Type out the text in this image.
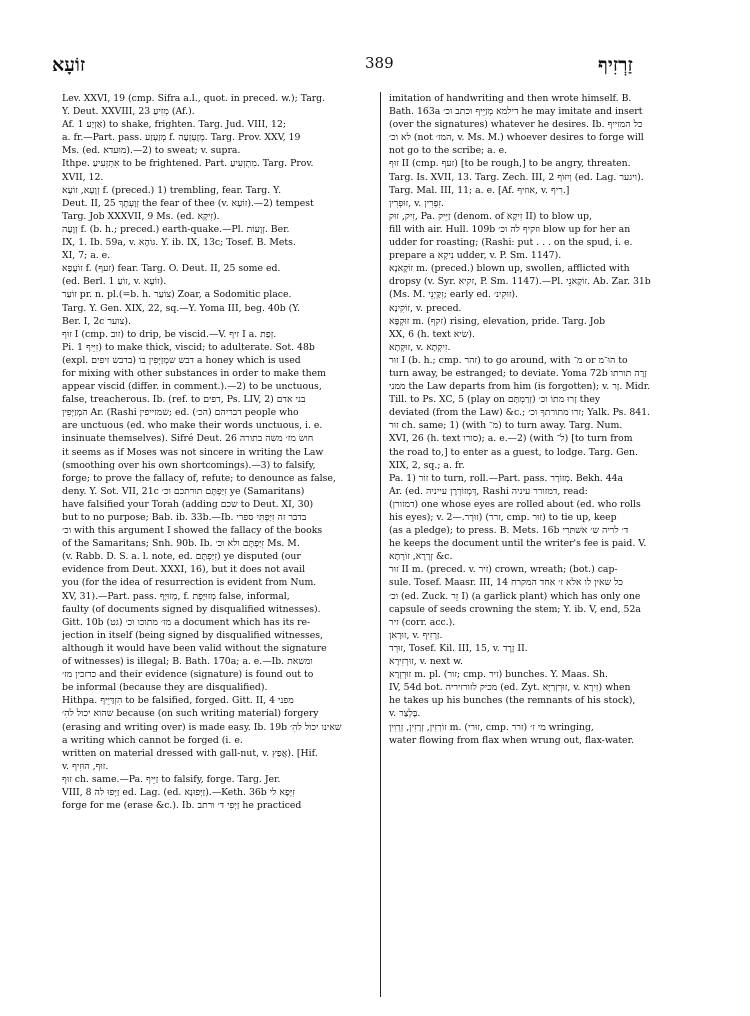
זוֹעָא	389	זַרְזִיף
Lev. XXVI, 19 (cmp. Sifra a.l., quot. in preced. w.); Targ.
Y. Deut. XXVIII, 23 מְזִיעַ (Af.).
Af. אַזְיַע 1) to shake, frighten. Targ. Jud. VIII, 12;
a. fr.—Part. pass. מְזַעְזַע f. מְזֻעְזְעָה. Targ. Prov. XXV, 19
Ms. (ed. מוּעדא).—2) to sweat; v. supra.
Ithpe. אִתְזְעִיעַ to be frightened. Part. מִתְזְעִיעַ. Targ. Prov.
XVII, 12.
זְוָעָא, זוֹעָא f. (preced.) 1) trembling, fear. Targ. Y.
Deut. II, 25 זְוָעְתָךְ the fear of thee (v. זוֹעָא).—2) tempest
Targ. Job XXXVII, 9 Ms. (ed. זִיקָא).
זְוָעָה f. (b. h.; preced.) earth-quake.—Pl. זְוָעוֹת. Ber.
IX, 1. Ib. 59a, v. גּוֹהָא. Y. ib. IX, 13c; Tosef. B. Mets.
XI, 7; a. e.
זוֹעֲפָא f. (זעף) fear. Targ. O. Deut. II, 25 some ed.
(ed. Berl. 1 זוֹעַ, v. זוֹעָא).
זוֹעַר pr. n. pl.(=b. h. צוֹעַר) Zoar, a Sodomitic place.
Targ. Y. Gen. XIX, 22, sq.—Y. Yoma III, beg. 40b (Y.
Ber. I, 2c צוער).
זוּף I (cmp. זוב) to drip, be viscid.—V. זיף I a. זְפַת.
Pi. זִיֵּיף 1) to make thick, viscid; to adulterate. Sot. 48b
(expl. דבש שמְזַיְּפִין בו (בדבש זיפים a honey which is used
for mixing with other substances in order to make them
appear viscid (differ. in comment.).—2) to be unctuous,
false, treacherous. Ib. (ref. to דפים, Ps. LIV, 2) בני אדם
המְזַיְּפִין Ar. (Rashi שמזייפין; ed. דבריהם (הכ׳) people who
are unctuous (ed. who make their words unctuous, i. e.
insinuate themselves). Sifré Deut. 26 חושׂ מז׳ משה בתורה
it seems as if Moses was not sincere in writing the Law
(smoothing over his own shortcomings).—3) to falsify,
forge; to prove the fallacy of, refute; to denounce as false,
deny. Y. Sot. VII, 21c זִיַּפְתֶּם תורתכם וכ׳ ye (Samaritans)
have falsified your Torah (adding שכם to Deut. XI, 30)
but to no purpose; Bab. ib. 33b.—Ib. בדבר זה זִיַּפְתִּי ספרי
וכ׳ with this argument I showed the fallacy of the books
of the Samaritans; Snh. 90b. Ib. זִיַּפְתֶּם ולא וכ׳ Ms. M.
(v. Rabb. D. S. a. l. note, ed. זִיַּפְתֶּם) ye disputed (our
evidence from Deut. XXXI, 16), but it does not avail
you (for the idea of resurrection is evident from Num.
XV, 31).—Part. pass. מְזוּיָּף, f. מְזוּיֶּפֶת false, informal,
faulty (of documents signed by disqualified witnesses).
Gitt. 10b (גט) מז׳ מתוכו וכ׳ a document which has its re-
jection in itself (being signed by disqualified witnesses,
although it would have been valid without the signature
of witnesses) is illegal; B. Bath. 170a; a. e.—Ib. ומשאת
כדזכין מז׳ and their evidence (signature) is found out to
be informal (because they are disqualified).
Hithpa. הִזְדַּיֵּיף to be falsified, forged. Gitt. II, 4 מפני
שהוא יכול להִ׳ because (on such writing material) forgery
(erasing and writing over) is made easy. Ib. 19b שאינו יכול להִ׳
a writing which cannot be forged (i. e.
written on material dressed with gall-nut, v. אֲפַץ). [Hif.
v. זוּף, הוּזִיף.
זוּף ch. same.—Pa. זַיֵּיף to falsify, forge. Targ. Jer.
VIII, 8 זַיְּפוּ לה ed. Lag. (ed. זַיְּפוּנָא).—Keth. 36b זִיְּפָא לי
forge for me (erase &c.). Ib. זַיְּפִי ד׳ ורתב he practiced
imitation of handwriting and then wrote himself. B.
Bath. 163a דילמא מְזַיֵּיף וכתב וכ׳ he may imitate and insert
(over the signatures) whatever he desires. Ib. כל המזייף
לא וכ׳ (not המז׳, v. Ms. M.) whoever desires to forge will
not go to the scribe; a. e.
זוּף II (cmp. זעף) [to be rough,] to be angry, threaten.
Targ. Is. XVII, 13. Targ. Zech. III, 2 וְיִזּוֹף (ed. Lag. ויגער).
Targ. Mal. III, 11; a. e. [Af. אוזיף, v. רִיף.]
זוּפְרִין, v. זִפְרִין.
זִיק, זוּק, Pa. זַיֵּיק (denom. of זִיקָא II) to blow up,
fill with air. Hull. 109b וזקיף לה וכ׳ blow up for her an
udder for roasting; (Rashi: put . . . on the spud, i. e.
prepare a נִיקָא udder, v. P. Sm. 1147).
זוֹקָאנָא m. (preced.) blown up, swollen, afflicted with
dropsy (v. Syr. זקיא, P. Sm. 1147).—Pl. זוֹקָאנֵי. Ab. Zar. 31b
(Ms. M. זִקַּיְנֵי; early ed. זוּקִינ׳).
זוֹקִינָא, v. preced.
זוּקְפָּא m. (זקף) rising, elevation, pride. Targ. Job
XX, 6 (h. text שׂיא).
זוּקְתָא, v. זִיקְתָא.
זוּר I (b. h.; cmp. זהר) to go around, with מ־ or הוּ־מ to
turn away, be estranged; to deviate. Yoma 72b זָרָה תורתו
ממני the Law departs from him (is forgotten); v. זָר. Midr.
Till. to Ps. XC, 5 (play on זְרַמְתָּם) זָרוּ מתוֹ וכ׳ they
deviated (from the Law) &c.; זרו מתורתךָ וכ׳; Yalk. Ps. 841.
זוּר ch. same; 1) (with מ־) to turn away. Targ. Num.
XVI, 26 (h. text סורו); a. e.—2) (with ל־) [to turn from
the road to,] to enter as a guest, to lodge. Targ. Gen.
XIX, 2, sq.; a. fr.
Pa. 1) זוֹר to turn, roll.—Part. pass. מְזוֹרָר. Bekh. 44a
Ar. (ed. דְּמְזוֹרְרָן עייניה, Rashi דמזורר עיניה, read:
(דמזורן) one whose eyes are rolled about (ed. who rolls
his eyes); v. זוּרָר.—2) (זרר, cmp. זוּר) to tie up, keep
(as a pledge); to press. B. Mets. 16b ד׳ לריה ש׳ אשׁתּרִי
he keeps the document until the writer's fee is paid. V.
זְרָרָא, זוֹרָתָא &c.
זוּר II m. (preced. v. זיר) crown, wreath; (bot.) cap-
sule. Tosef. Maasr. III, 14 כל שאין לו אלא ז׳ אחד המקרח
וכ׳ (ed. Zuck. זֵר I) (a garlick plant) which has only one
capsule of seeds crowning the stem; Y. ib. V, end, 52a
זיר (corr. acc.).
זוּרָאן, v. זַרְזִיף.
זוּרְד, Tosef. Kil. III, 15, v. זֶרֶד II.
זוּרְזִירָא, v. next w.
זוּרְזְרָא m. pl. (זור; cmp. זיר) bunches. Y. Maas. Sh.
IV, 54d bot. מכיק לזורזיריה (ed. Zyt. זוּרְזְרַיָּא, v. זִירָא) when
he takes up his bunches (the remnants of his stock),
v. בָּלְצַר.
זוֹרְזִין, זְרָזִין, זְרְוִין m. (זוּרי, cmp. מי ז׳ (זרר wringing,
water flowing from flax when wrung out, flax-water.
